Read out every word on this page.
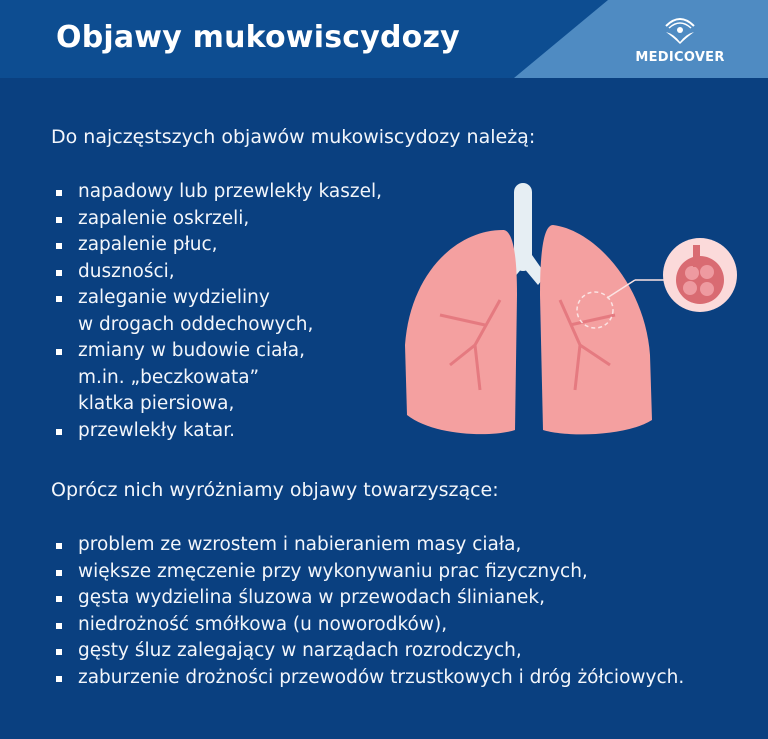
Objawy mukowiscydozy
MEDICOVER
Do najczęstszych objawów mukowiscydozy należą:
napadowy lub przewlekły kaszel,
zapalenie oskrzeli,
zapalenie płuc,
duszności,
zaleganie wydzieliny
w drogach oddechowych,
zmiany w budowie ciała,
m.in. „beczkowata”
klatka piersiowa,
przewlekły katar.
Oprócz nich wyróżniamy objawy towarzyszące:
problem ze wzrostem i nabieraniem masy ciała,
większe zmęczenie przy wykonywaniu prac fizycznych,
gęsta wydzielina śluzowa w przewodach ślinianek,
niedrożność smółkowa (u noworodków),
gęsty śluz zalegający w narządach rozrodczych,
zaburzenie drożności przewodów trzustkowych i dróg żółciowych.
